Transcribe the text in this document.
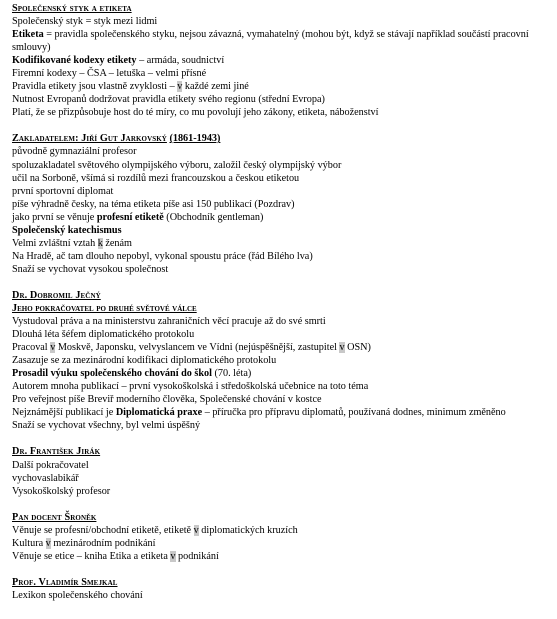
Společenský styk a etiketa
Společenský styk = styk mezi lidmi
Etiketa = pravidla společenského styku, nejsou závazná, vymahatelný (mohou být, když se stávají například součástí pracovní smlouvy)
Kodifikované kodexy etikety – armáda, soudnictví
Firemní kodexy – ČSA – letuška – velmi přísné
Pravidla etikety jsou vlastně zvyklosti – v každé zemi jiné
Nutnost Evropanů dodržovat pravidla etikety svého regionu (střední Evropa)
Platí, že se přizpůsobuje host do té míry, co mu povolují jeho zákony, etiketa, náboženství
Zakladatelem: Jiří Gut Jarkovský (1861-1943)
původně gymnaziální profesor
spoluzakladatel světového olympijského výboru, založil český olympijský výbor
učil na Sorboně, všímá si rozdílů mezi francouzskou a českou etiketou
první sportovní diplomat
píše výhradně česky, na téma etiketa píše asi 150 publikací (Pozdrav)
jako první se věnuje profesní etiketě (Obchodník gentleman)
Společenský katechismus
Velmi zvláštní vztah k ženám
Na Hradě, ač tam dlouho nepobyl, vykonal spoustu práce (řád Bílého lva)
Snaží se vychovat vysokou společnost
Dr. Dobromil Ječný
Jeho pokračovatel po druhé světové válce
Vystudoval práva a na ministerstvu zahraničních věcí pracuje až do své smrti
Dlouhá léta šéfem diplomatického protokolu
Pracoval v Moskvě, Japonsku, velvyslancem ve Vídni (nejúspěšnější, zastupitel v OSN)
Zasazuje se za mezinárodní kodifikaci diplomatického protokolu
Prosadil výuku společenského chování do škol (70. léta)
Autorem mnoha publikací – první vysokoškolská i středoškolská učebnice na toto téma
Pro veřejnost píše Breviř moderního člověka, Společenské chování v kostce
Nejznámější publikací je Diplomatická praxe – příručka pro přípravu diplomatů, používaná dodnes, minimum změněno
Snaží se vychovat všechny, byl velmi úspěšný
Dr. František Jirák
Další pokračovatel
vychovaslabikář
Vysokoškolský profesor
Pan docent Šroněk
Věnuje se profesní/obchodní etiketě, etiketě v diplomatických kruzích
Kultura v mezinárodním podnikání
Věnuje se etice – kniha Etika a etiketa v podnikání
Prof. Vladimír Smejkal
Lexikon společenského chování
